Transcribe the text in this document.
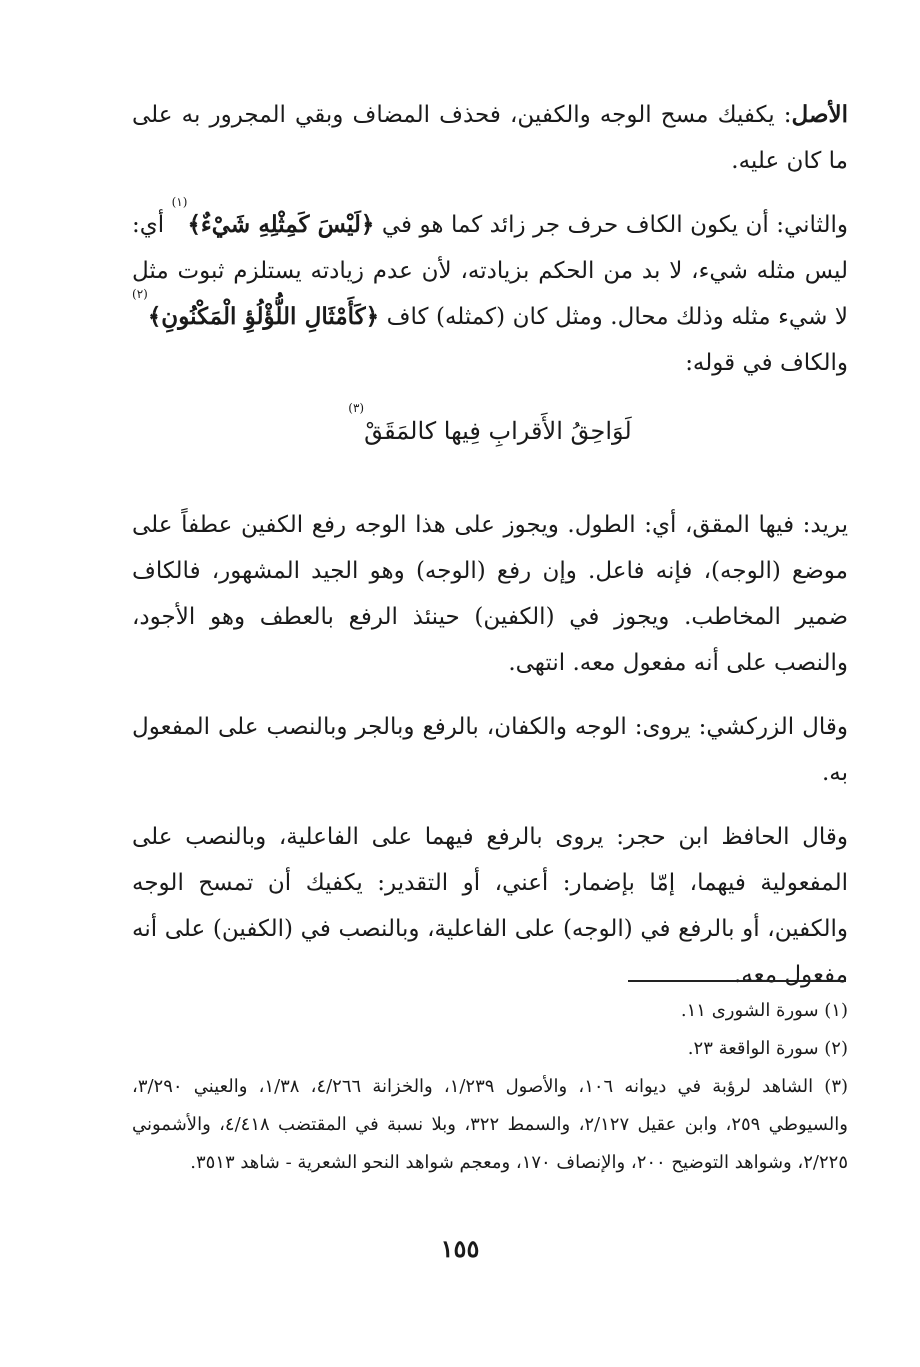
الأصل: يكفيك مسح الوجه والكفين، فحذف المضاف وبقي المجرور به على ما كان عليه.

والثاني: أن يكون الكاف حرف جر زائد كما هو في ﴿لَيْسَ كَمِثْلِهِ شَيْءٌ﴾$^{(١)}$ أي: ليس مثله شيء، لا بد من الحكم بزيادته، لأن عدم زيادته يستلزم ثبوت مثل لا شيء مثله وذلك محال. ومثل كان (كمثله) كاف ﴿كَأَمْثَالِ اللُّؤْلُؤِ الْمَكْنُونِ﴾$^{(٢)}$ والكاف في قوله:

لَوَاحِقُ الأَقرابِ فِيها كالمَقَقْ$^{(٣)}$

يريد: فيها المقق، أي: الطول. ويجوز على هذا الوجه رفع الكفين عطفاً على موضع (الوجه)، فإنه فاعل. وإن رفع (الوجه) وهو الجيد المشهور، فالكاف ضمير المخاطب. ويجوز في (الكفين) حينئذ الرفع بالعطف وهو الأجود، والنصب على أنه مفعول معه. انتهى.

وقال الزركشي: يروى: الوجه والكفان، بالرفع وبالجر وبالنصب على المفعول به.

وقال الحافظ ابن حجر: يروى بالرفع فيهما على الفاعلية، وبالنصب على المفعولية فيهما، إمّا بإضمار: أعني، أو التقدير: يكفيك أن تمسح الوجه والكفين، أو بالرفع في (الوجه) على الفاعلية، وبالنصب في (الكفين) على أنه مفعول معه.

(١) سورة الشورى ١١.

(٢) سورة الواقعة ٢٣.

(٣) الشاهد لرؤبة في ديوانه ١٠٦، والأصول ١/٢٣٩، والخزانة ٤/٢٦٦، ١/٣٨، والعيني ٣/٢٩٠، والسيوطي ٢٥٩، وابن عقيل ٢/١٢٧، والسمط ٣٢٢، وبلا نسبة في المقتضب ٤/٤١٨، والأشموني ٢/٢٢٥، وشواهد التوضيح ٢٠٠، والإنصاف ١٧٠، ومعجم شواهد النحو الشعرية - شاهد ٣٥١٣.

١٥٥
